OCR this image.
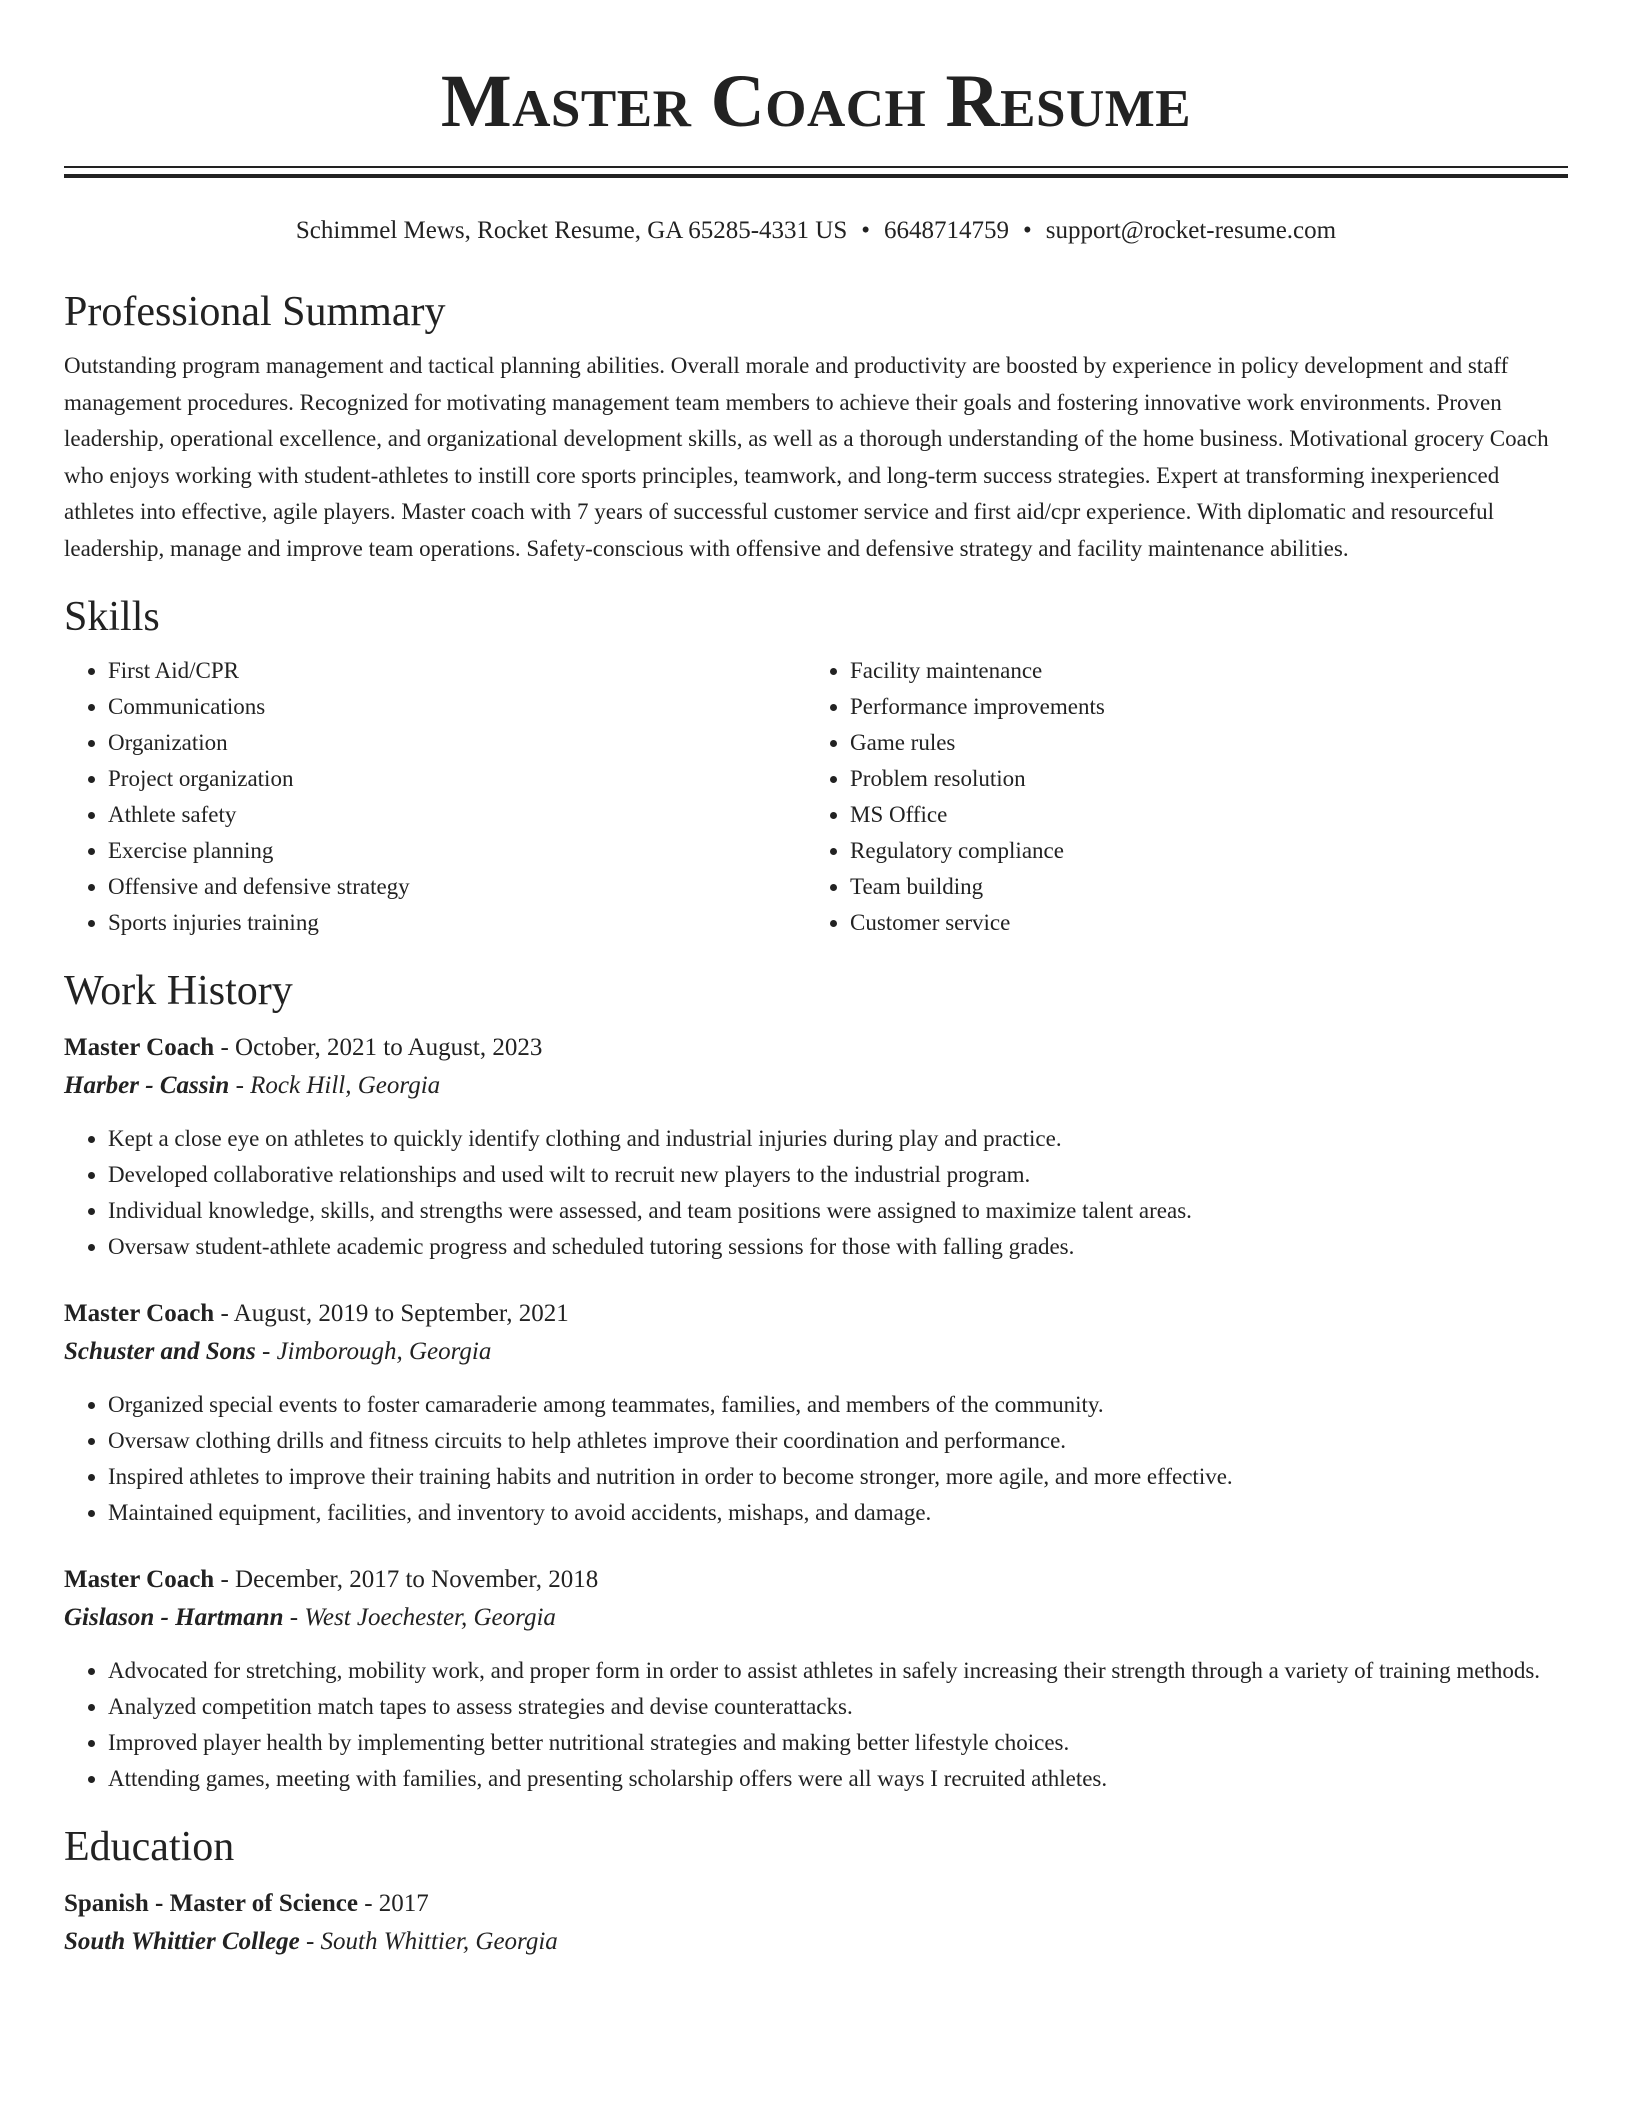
Master Coach Resume
Schimmel Mews, Rocket Resume, GA 65285-4331 US • 6648714759 • support@rocket-resume.com
Professional Summary
Outstanding program management and tactical planning abilities. Overall morale and productivity are boosted by experience in policy development and staff management procedures. Recognized for motivating management team members to achieve their goals and fostering innovative work environments. Proven leadership, operational excellence, and organizational development skills, as well as a thorough understanding of the home business. Motivational grocery Coach who enjoys working with student-athletes to instill core sports principles, teamwork, and long-term success strategies. Expert at transforming inexperienced athletes into effective, agile players. Master coach with 7 years of successful customer service and first aid/cpr experience. With diplomatic and resourceful leadership, manage and improve team operations. Safety-conscious with offensive and defensive strategy and facility maintenance abilities.
Skills
• First Aid/CPR
• Communications
• Organization
• Project organization
• Athlete safety
• Exercise planning
• Offensive and defensive strategy
• Sports injuries training
• Facility maintenance
• Performance improvements
• Game rules
• Problem resolution
• MS Office
• Regulatory compliance
• Team building
• Customer service
Work History
Master Coach - October, 2021 to August, 2023
Harber - Cassin - Rock Hill, Georgia
• Kept a close eye on athletes to quickly identify clothing and industrial injuries during play and practice.
• Developed collaborative relationships and used wilt to recruit new players to the industrial program.
• Individual knowledge, skills, and strengths were assessed, and team positions were assigned to maximize talent areas.
• Oversaw student-athlete academic progress and scheduled tutoring sessions for those with falling grades.
Master Coach - August, 2019 to September, 2021
Schuster and Sons - Jimborough, Georgia
• Organized special events to foster camaraderie among teammates, families, and members of the community.
• Oversaw clothing drills and fitness circuits to help athletes improve their coordination and performance.
• Inspired athletes to improve their training habits and nutrition in order to become stronger, more agile, and more effective.
• Maintained equipment, facilities, and inventory to avoid accidents, mishaps, and damage.
Master Coach - December, 2017 to November, 2018
Gislason - Hartmann - West Joechester, Georgia
• Advocated for stretching, mobility work, and proper form in order to assist athletes in safely increasing their strength through a variety of training methods.
• Analyzed competition match tapes to assess strategies and devise counterattacks.
• Improved player health by implementing better nutritional strategies and making better lifestyle choices.
• Attending games, meeting with families, and presenting scholarship offers were all ways I recruited athletes.
Education
Spanish - Master of Science - 2017
South Whittier College - South Whittier, Georgia
